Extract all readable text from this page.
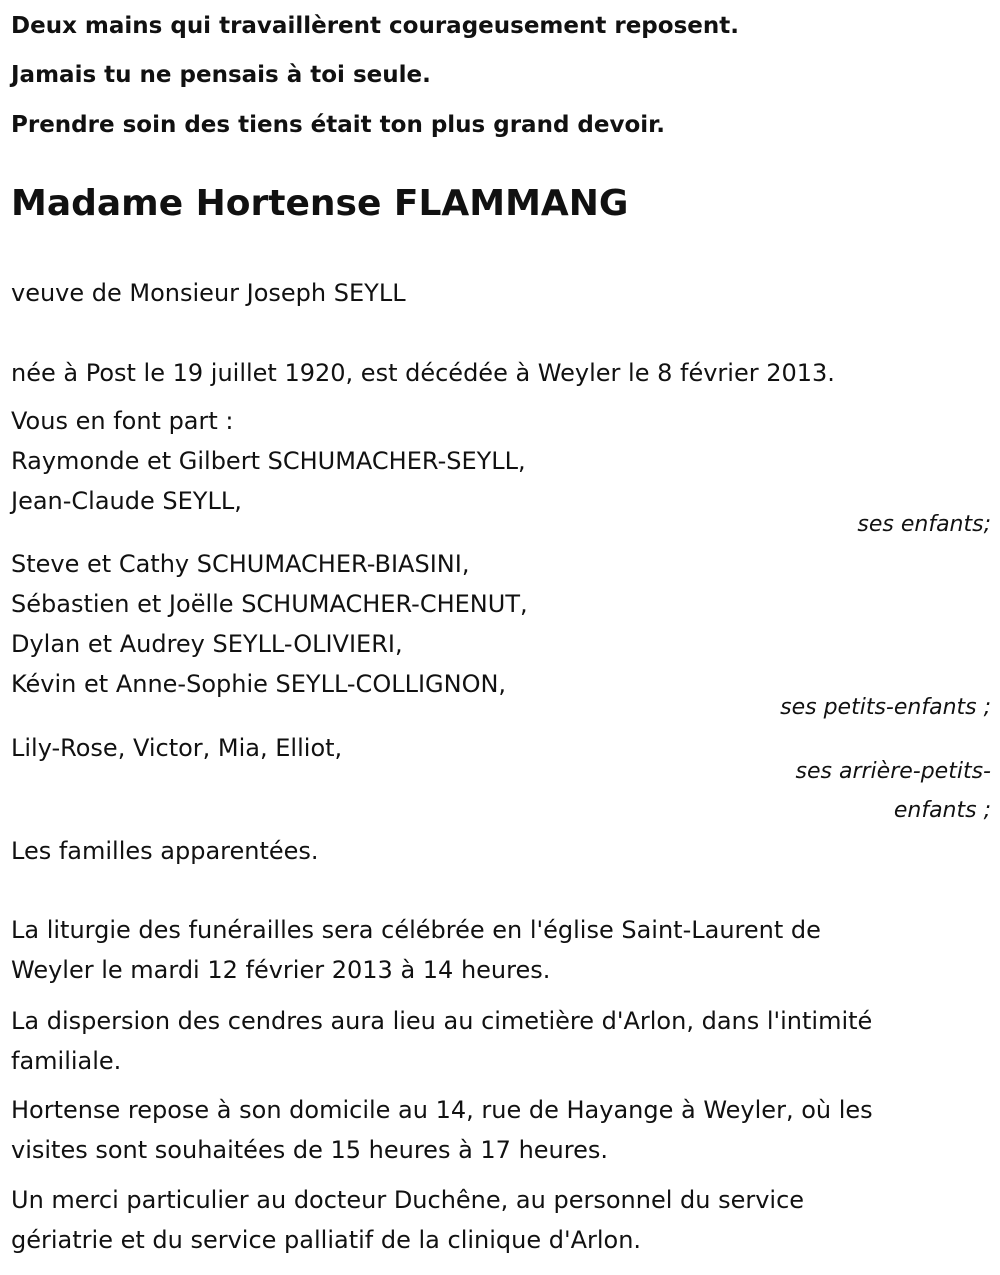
Deux mains qui travaillèrent courageusement reposent.
Jamais tu ne pensais à toi seule.
Prendre soin des tiens était ton plus grand devoir.
Madame Hortense FLAMMANG
veuve de Monsieur Joseph SEYLL
née à Post le 19 juillet 1920, est décédée à Weyler le 8 février 2013.
Vous en font part :
Raymonde et Gilbert SCHUMACHER-SEYLL,
Jean-Claude SEYLL,
ses enfants;
Steve et Cathy SCHUMACHER-BIASINI,
Sébastien et Joëlle SCHUMACHER-CHENUT,
Dylan et Audrey SEYLL-OLIVIERI,
Kévin et Anne-Sophie SEYLL-COLLIGNON,
ses petits-enfants ;
Lily-Rose, Victor, Mia, Elliot,
ses arrière-petits-
enfants ;
Les familles apparentées.
La liturgie des funérailles sera célébrée en l'église Saint-Laurent de
Weyler le mardi 12 février 2013 à 14 heures.
La dispersion des cendres aura lieu au cimetière d'Arlon, dans l'intimité
familiale.
Hortense repose à son domicile au 14, rue de Hayange à Weyler, où les
visites sont souhaitées de 15 heures à 17 heures.
Un merci particulier au docteur Duchêne, au personnel du service
gériatrie et du service palliatif de la clinique d'Arlon.
